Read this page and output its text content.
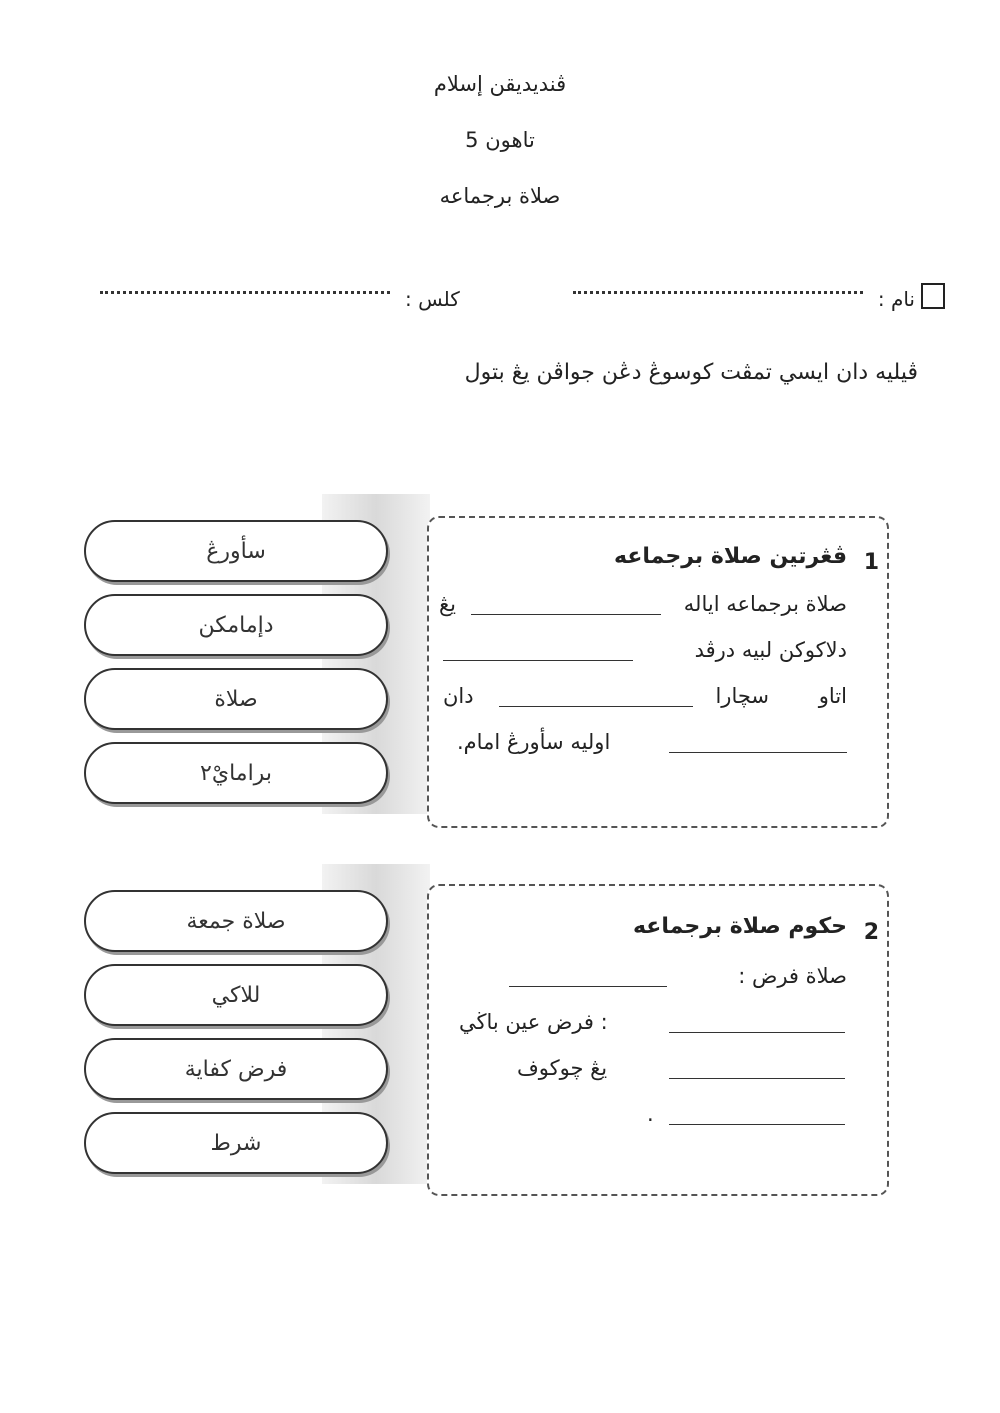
ڤنديديقن إسلام
تاهون 5
صلاة برجماعه
نام :
كلس :
ڤيليه دان ايسي تمڤت كوسوڠ دڠن جواڤن يڠ بتول
سأورڠ
دإمامكن
صلاة
برامايْ٢
1
ڤڠرتين صلاة برجماعه
صلاة برجماعه اياله
يڠ
دلاكوكن لبيه درڤد
اتاو
سچارا
دان
اوليه سأورڠ امام.
صلاة جمعة
للاكي
فرض كفاية
شرط
2
حكوم صلاة برجماعه
صلاة فرض :
: فرض عين باڬي
يڠ چوكوف
.
